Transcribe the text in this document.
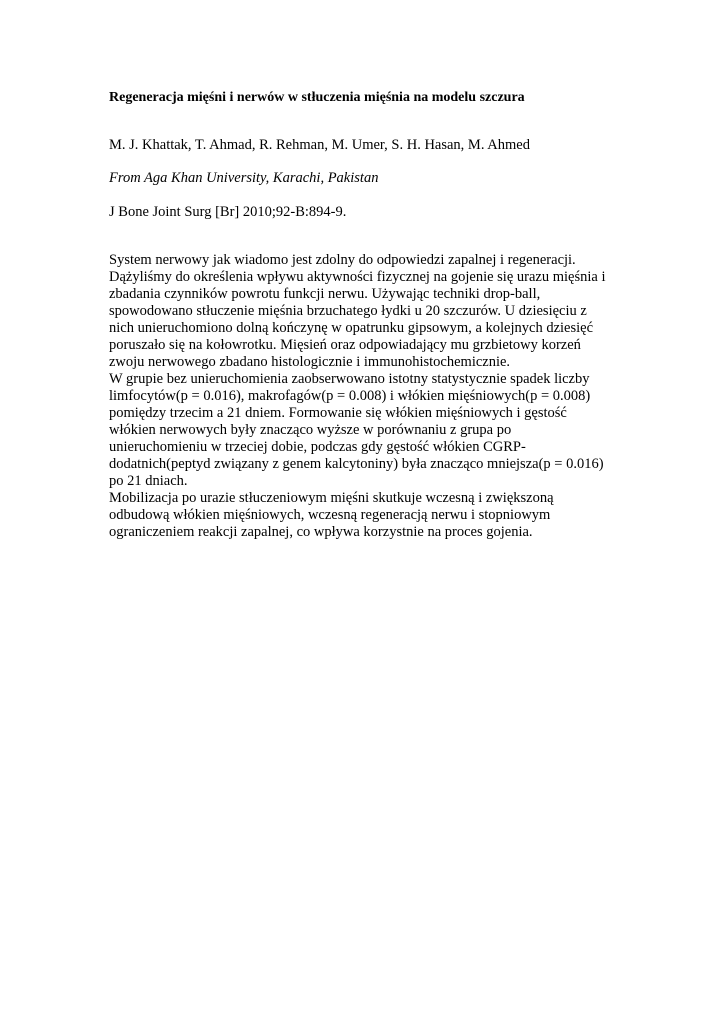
Regeneracja mięśni i nerwów w stłuczenia mięśnia na modelu szczura
M. J. Khattak, T. Ahmad, R. Rehman, M. Umer, S. H. Hasan, M. Ahmed
From Aga Khan University, Karachi, Pakistan
J Bone Joint Surg [Br] 2010;92-B:894-9.
System nerwowy jak wiadomo jest zdolny do odpowiedzi zapalnej i regeneracji.
Dążyliśmy do określenia wpływu aktywności fizycznej na gojenie się urazu mięśnia i
zbadania czynników powrotu funkcji nerwu. Używając techniki drop-ball,
spowodowano stłuczenie mięśnia brzuchatego łydki u 20 szczurów. U dziesięciu z
nich unieruchomiono dolną kończynę w opatrunku gipsowym, a kolejnych dziesięć
poruszało się na kołowrotku. Mięsień oraz odpowiadający mu grzbietowy korzeń
zwoju nerwowego zbadano histologicznie i immunohistochemicznie.
W grupie bez unieruchomienia zaobserwowano istotny statystycznie spadek liczby
limfocytów(p = 0.016), makrofagów(p = 0.008) i włókien mięśniowych(p = 0.008)
pomiędzy trzecim a 21 dniem. Formowanie się włókien mięśniowych i gęstość
włókien nerwowych były znacząco wyższe w porównaniu z grupa po
unieruchomieniu w trzeciej dobie, podczas gdy gęstość włókien CGRP-
dodatnich(peptyd związany z genem kalcytoniny) była znacząco mniejsza(p = 0.016)
po 21 dniach.
Mobilizacja po urazie stłuczeniowym mięśni skutkuje wczesną i zwiększoną
odbudową włókien mięśniowych, wczesną regeneracją nerwu i stopniowym
ograniczeniem reakcji zapalnej, co wpływa korzystnie na proces gojenia.
